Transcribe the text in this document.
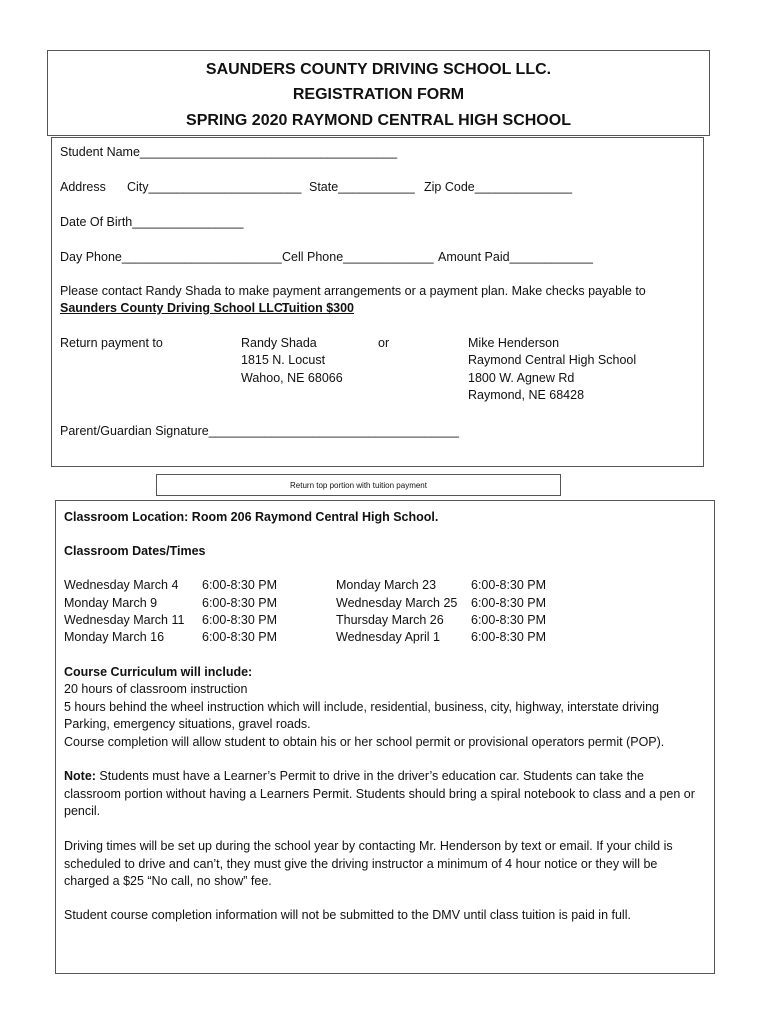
SAUNDERS COUNTY DRIVING SCHOOL LLC.
REGISTRATION FORM
SPRING 2020 RAYMOND CENTRAL HIGH SCHOOL
Student Name_____________________________________
Address City______________________ State___________ Zip Code______________
Date Of Birth________________
Day Phone_______________________ Cell Phone_____________ Amount Paid____________
Please contact Randy Shada to make payment arrangements or a payment plan. Make checks payable to
Saunders County Driving School LLC.
Tuition $300
Return payment to	Randy Shada
1815 N. Locust
Wahoo, NE 68066
or	Mike Henderson
Raymond Central High School
1800 W. Agnew Rd
Raymond, NE 68428
Parent/Guardian Signature____________________________________
Return top portion with tuition payment
Classroom Location: Room 206 Raymond Central High School.
Classroom Dates/Times
Wednesday March 4 6:00-8:30 PM
Monday March 9	6:00-8:30 PM
Wednesday March 11 6:00-8:30 PM
Monday March 16	6:00-8:30 PM
Monday March 23	6:00-8:30 PM
Wednesday March 25 6:00-8:30 PM
Thursday March 26 6:00-8:30 PM
Wednesday April 1 6:00-8:30 PM
Course Curriculum will include:
20 hours of classroom instruction
5 hours behind the wheel instruction which will include, residential, business, city, highway, interstate driving
Parking, emergency situations, gravel roads.
Course completion will allow student to obtain his or her school permit or provisional operators permit (POP).
Note: Students must have a Learner’s Permit to drive in the driver’s education car. Students can take the classroom portion without having a Learners Permit. Students should bring a spiral notebook to class and a pen or pencil.
Driving times will be set up during the school year by contacting Mr. Henderson by text or email. If your child is scheduled to drive and can’t, they must give the driving instructor a minimum of 4 hour notice or they will be charged a $25 “No call, no show” fee.
Student course completion information will not be submitted to the DMV until class tuition is paid in full.
